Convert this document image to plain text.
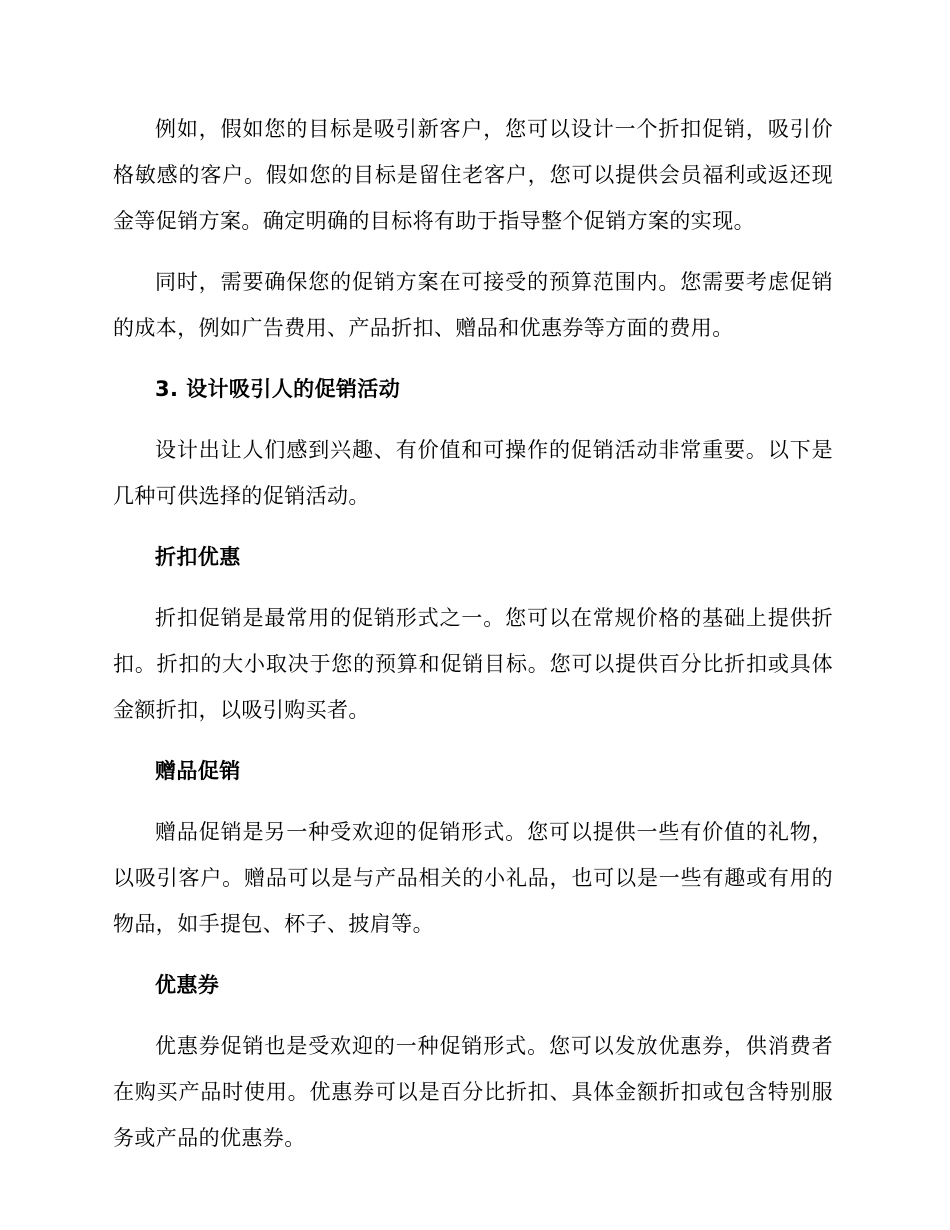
例如，假如您的目标是吸引新客户，您可以设计一个折扣促销，吸引价格敏感的客户。假如您的目标是留住老客户，您可以提供会员福利或返还现金等促销方案。确定明确的目标将有助于指导整个促销方案的实现。

同时，需要确保您的促销方案在可接受的预算范围内。您需要考虑促销的成本，例如广告费用、产品折扣、赠品和优惠券等方面的费用。

3. 设计吸引人的促销活动

设计出让人们感到兴趣、有价值和可操作的促销活动非常重要。以下是几种可供选择的促销活动。

折扣优惠

折扣促销是最常用的促销形式之一。您可以在常规价格的基础上提供折扣。折扣的大小取决于您的预算和促销目标。您可以提供百分比折扣或具体金额折扣，以吸引购买者。

赠品促销

赠品促销是另一种受欢迎的促销形式。您可以提供一些有价值的礼物，以吸引客户。赠品可以是与产品相关的小礼品，也可以是一些有趣或有用的物品，如手提包、杯子、披肩等。

优惠券

优惠券促销也是受欢迎的一种促销形式。您可以发放优惠券，供消费者在购买产品时使用。优惠券可以是百分比折扣、具体金额折扣或包含特别服务或产品的优惠券。
